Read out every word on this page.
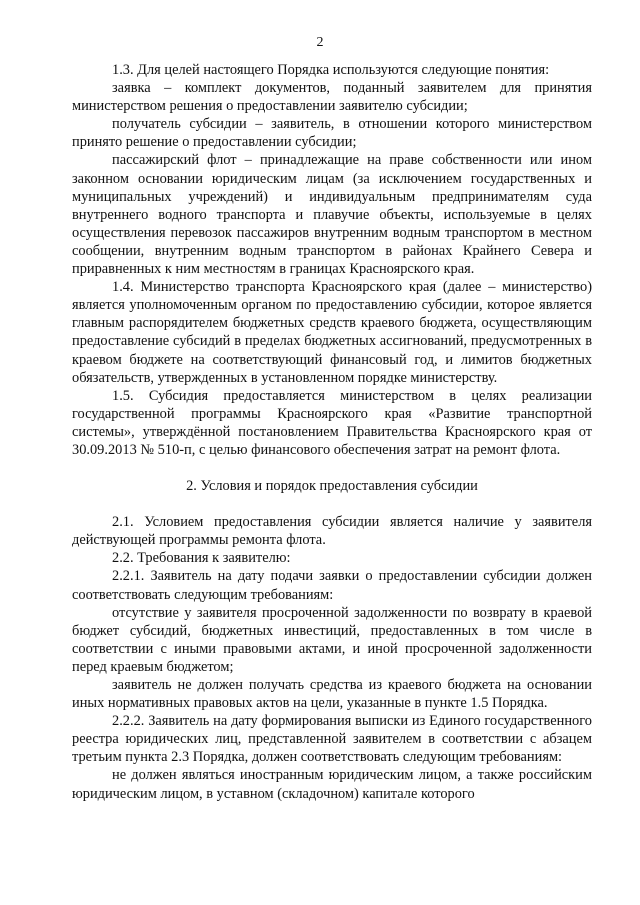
2

1.3. Для целей настоящего Порядка используются следующие понятия:

заявка – комплект документов, поданный заявителем для принятия министерством решения о предоставлении заявителю субсидии;

получатель субсидии – заявитель, в отношении которого министерством принято решение о предоставлении субсидии;

пассажирский флот – принадлежащие на праве собственности или ином законном основании юридическим лицам (за исключением государственных и муниципальных учреждений) и индивидуальным предпринимателям суда внутреннего водного транспорта и плавучие объекты, используемые в целях осуществления перевозок пассажиров внутренним водным транспортом в местном сообщении, внутренним водным транспортом в районах Крайнего Севера и приравненных к ним местностям в границах Красноярского края.

1.4. Министерство транспорта Красноярского края (далее – министерство) является уполномоченным органом по предоставлению субсидии, которое является главным распорядителем бюджетных средств краевого бюджета, осуществляющим предоставление субсидий в пределах бюджетных ассигнований, предусмотренных в краевом бюджете на соответствующий финансовый год, и лимитов бюджетных обязательств, утвержденных в установленном порядке министерству.

1.5. Субсидия предоставляется министерством в целях реализации государственной программы Красноярского края «Развитие транспортной системы», утверждённой постановлением Правительства Красноярского края от 30.09.2013 № 510-п, с целью финансового обеспечения затрат на ремонт флота.

2. Условия и порядок предоставления субсидии

2.1. Условием предоставления субсидии является наличие у заявителя действующей программы ремонта флота.

2.2. Требования к заявителю:

2.2.1. Заявитель на дату подачи заявки о предоставлении субсидии должен соответствовать следующим требованиям:

отсутствие у заявителя просроченной задолженности по возврату в краевой бюджет субсидий, бюджетных инвестиций, предоставленных в том числе в соответствии с иными правовыми актами, и иной просроченной задолженности перед краевым бюджетом;

заявитель не должен получать средства из краевого бюджета на основании иных нормативных правовых актов на цели, указанные в пункте 1.5 Порядка.

2.2.2. Заявитель на дату формирования выписки из Единого государственного реестра юридических лиц, представленной заявителем в соответствии с абзацем третьим пункта 2.3 Порядка, должен соответствовать следующим требованиям:

не должен являться иностранным юридическим лицом, а также российским юридическим лицом, в уставном (складочном) капитале которого
